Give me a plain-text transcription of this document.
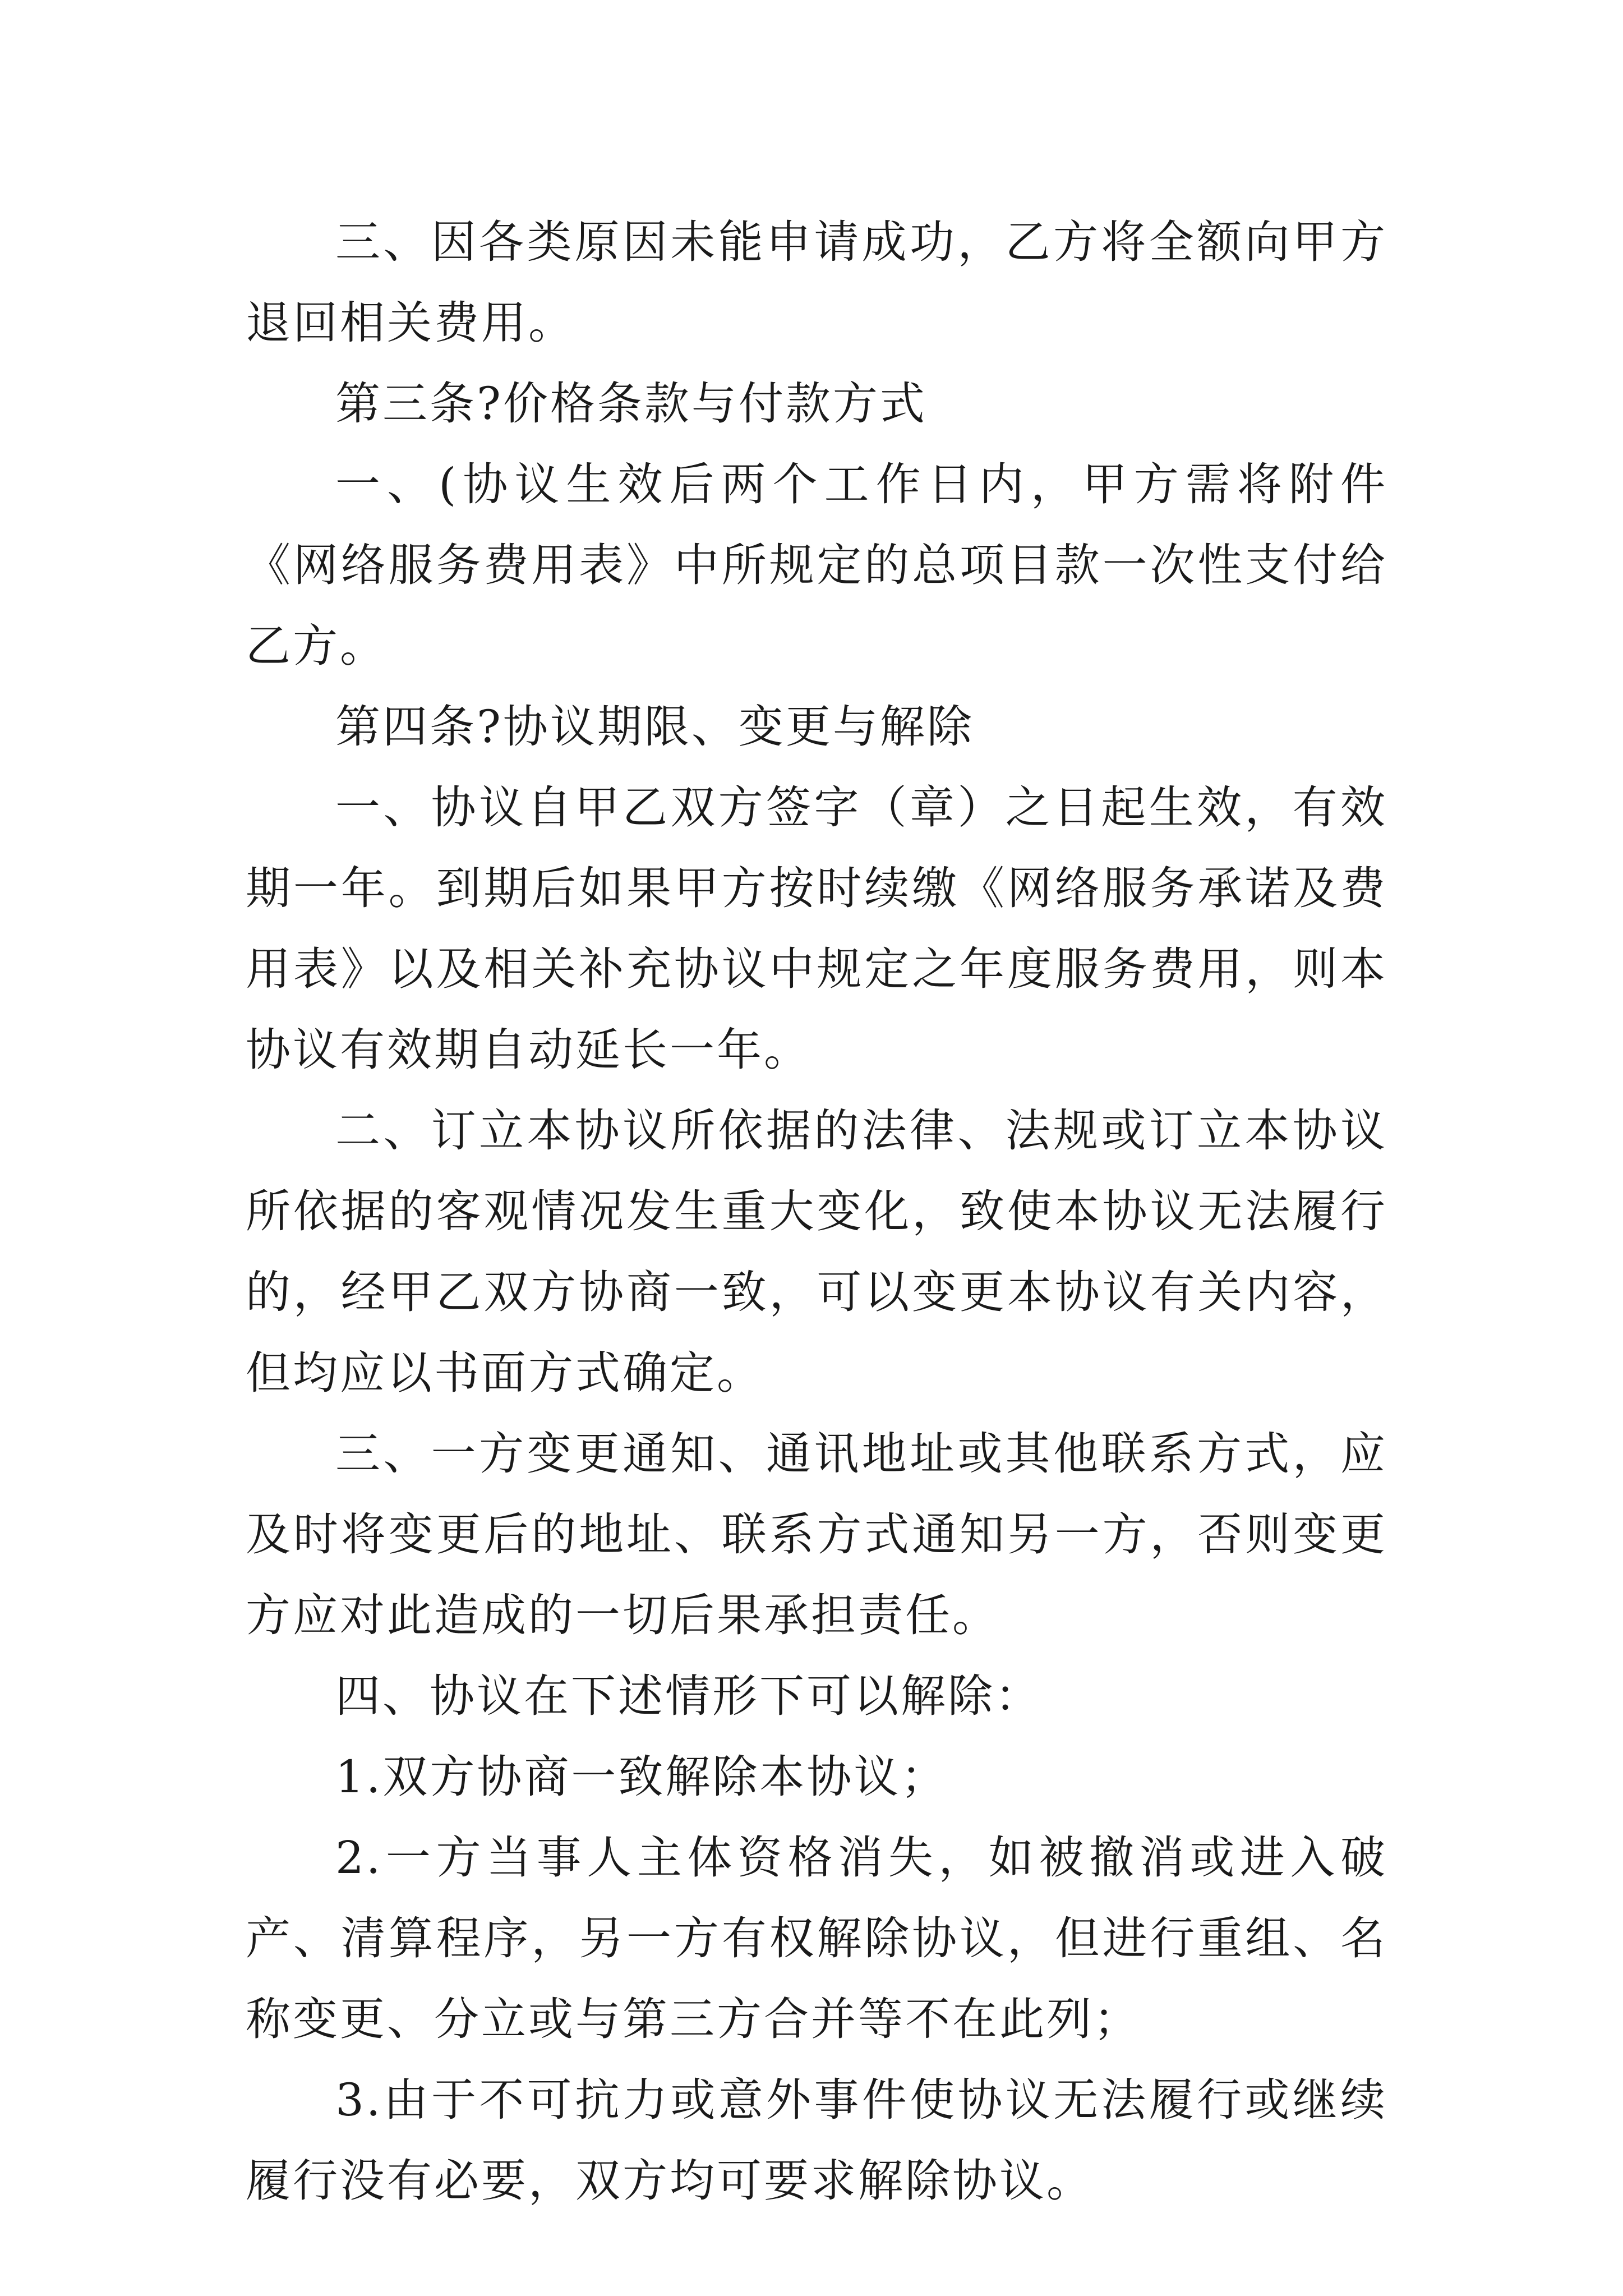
三、因各类原因未能申请成功，乙方将全额向甲方退回相关费用。

第三条?价格条款与付款方式

一、(协议生效后两个工作日内，甲方需将附件《网络服务费用表》中所规定的总项目款一次性支付给乙方。

第四条?协议期限、变更与解除

一、协议自甲乙双方签字（章）之日起生效，有效期一年。到期后如果甲方按时续缴《网络服务承诺及费用表》以及相关补充协议中规定之年度服务费用，则本协议有效期自动延长一年。

二、订立本协议所依据的法律、法规或订立本协议所依据的客观情况发生重大变化，致使本协议无法履行的，经甲乙双方协商一致，可以变更本协议有关内容，但均应以书面方式确定。

三、一方变更通知、通讯地址或其他联系方式，应及时将变更后的地址、联系方式通知另一方，否则变更方应对此造成的一切后果承担责任。

四、协议在下述情形下可以解除：

1.双方协商一致解除本协议；

2.一方当事人主体资格消失，如被撤消或进入破产、清算程序，另一方有权解除协议，但进行重组、名称变更、分立或与第三方合并等不在此列；

3.由于不可抗力或意外事件使协议无法履行或继续履行没有必要，双方均可要求解除协议。
